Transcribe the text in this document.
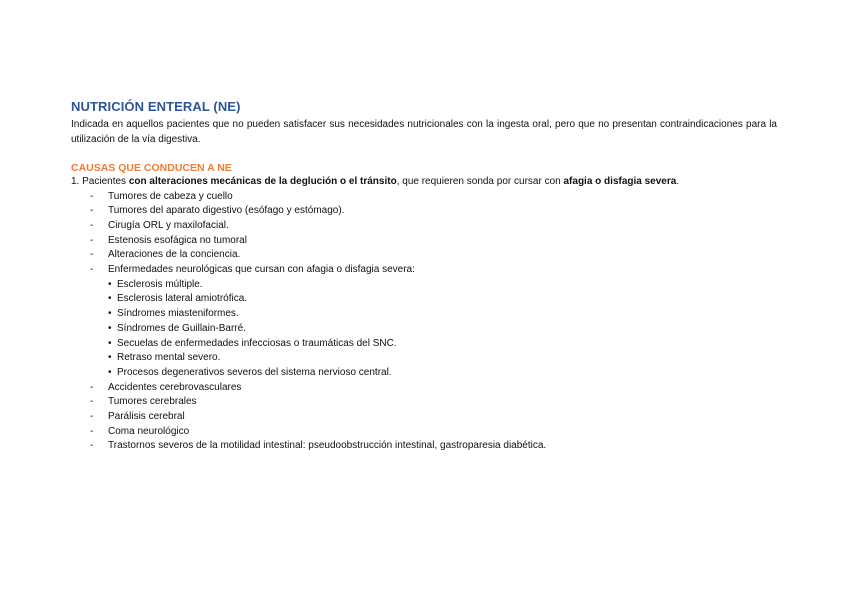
NUTRICIÓN ENTERAL (NE)

Indicada en aquellos pacientes que no pueden satisfacer sus necesidades nutricionales con la ingesta oral, pero que no presentan contraindicaciones para la utilización de la vía digestiva.

CAUSAS QUE CONDUCEN A NE

1. Pacientes con alteraciones mecánicas de la deglución o el tránsito, que requieren sonda por cursar con afagia o disfagia severa.

- Tumores de cabeza y cuello
- Tumores del aparato digestivo (esófago y estómago).
- Cirugía ORL y maxilofacial.
- Estenosis esofágica no tumoral
- Alteraciones de la conciencia.
- Enfermedades neurológicas que cursan con afagia o disfagia severa:
• Esclerosis múltiple.
• Esclerosis lateral amiotrófica.
• Síndromes miasteniformes.
• Síndromes de Guillain-Barré.
• Secuelas de enfermedades infecciosas o traumáticas del SNC.
• Retraso mental severo.
• Procesos degenerativos severos del sistema nervioso central.
- Accidentes cerebrovasculares
- Tumores cerebrales
- Parálisis cerebral
- Coma neurológico
- Trastornos severos de la motilidad intestinal: pseudoobstrucción intestinal, gastroparesia diabética.
